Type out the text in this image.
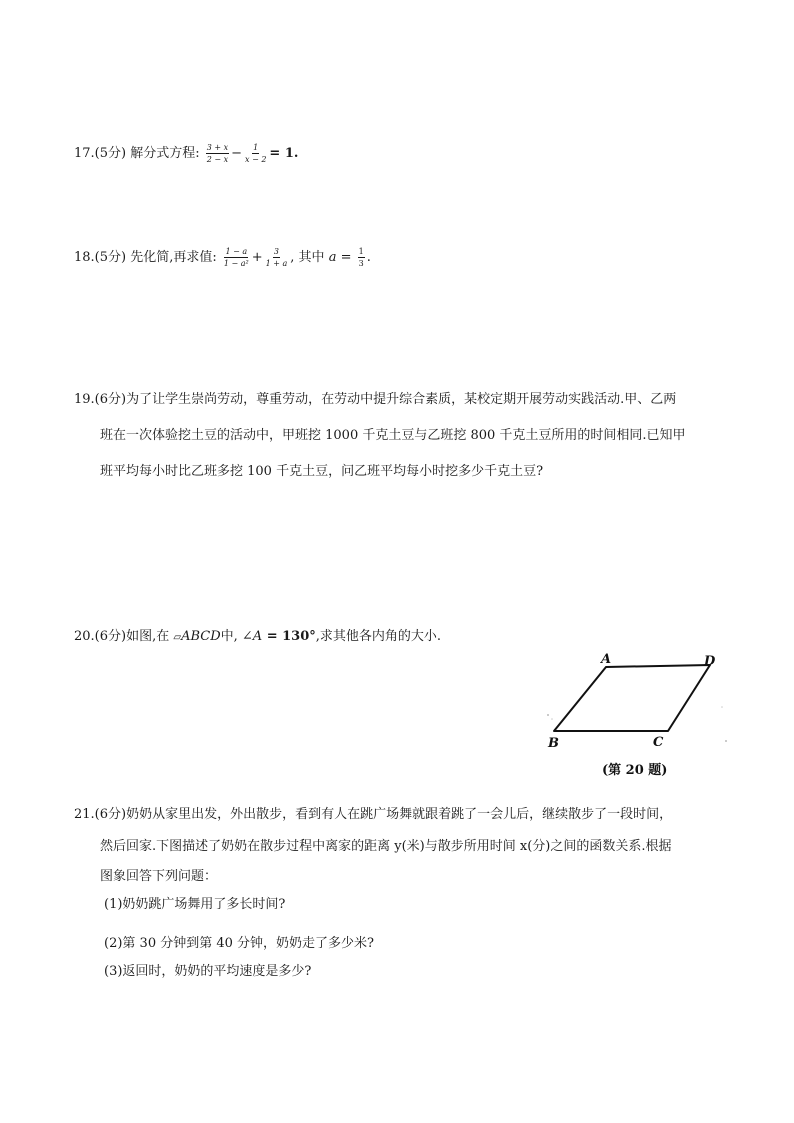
17.(5分) 解分式方程: $\frac{3 + x}{2 - x} - \frac{1}{x - 2} = 1$.
18.(5分) 先化简,再求值: $\frac{1 - a}{\text{1 − a²}} + \frac{3}{1 + a}$ , 其中 $a = \frac{1}{3}$ .
19.(6分)为了让学生崇尚劳动，尊重劳动，在劳动中提升综合素质，某校定期开展劳动实践活动.甲、乙两
班在一次体验挖土豆的活动中，甲班挖 1000 千克土豆与乙班挖 800 千克土豆所用的时间相同.已知甲
班平均每小时比乙班多挖 100 千克土豆，问乙班平均每小时挖多少千克土豆?
20.(6分)如图,在 ▱ABCD中, ∠A = 130°,求其他各内角的大小.
A	D
B	C
(第 20 题)
21.(6分)奶奶从家里出发，外出散步，看到有人在跳广场舞就跟着跳了一会儿后，继续散步了一段时间，
然后回家.下图描述了奶奶在散步过程中离家的距离 y(米)与散步所用时间 x(分)之间的函数关系.根据
图象回答下列问题：
(1)奶奶跳广场舞用了多长时间?
(2)第 30 分钟到第 40 分钟，奶奶走了多少米?
(3)返回时，奶奶的平均速度是多少?
